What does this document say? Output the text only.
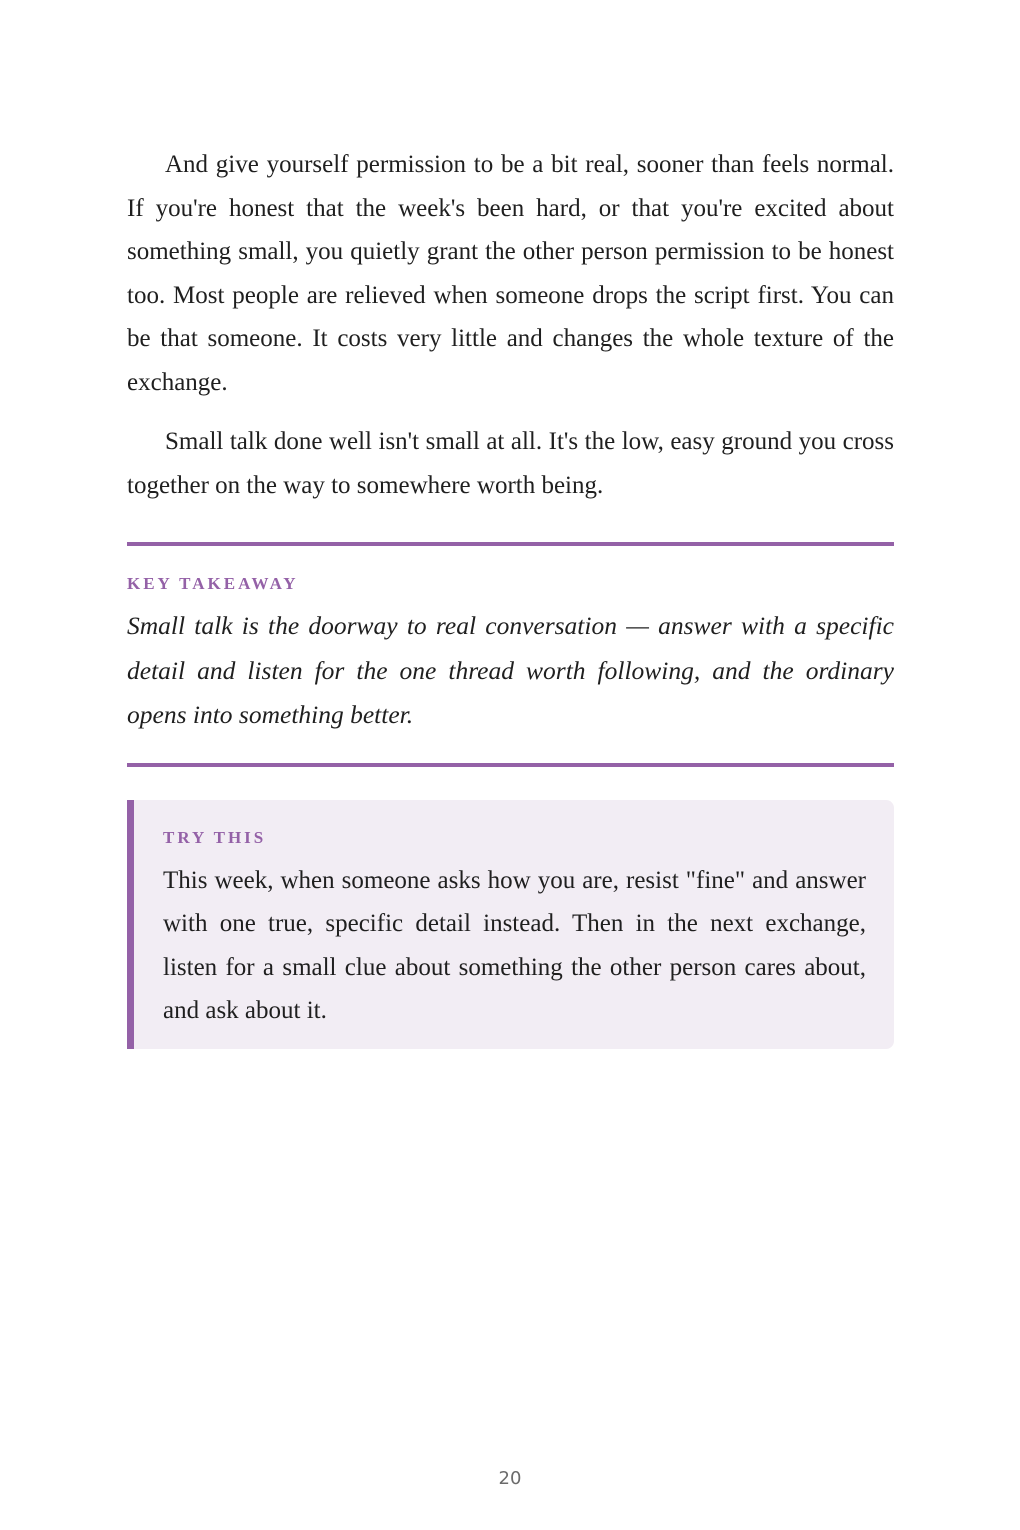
And give yourself permission to be a bit real, sooner than feels normal. If you're honest that the week's been hard, or that you're excited about something small, you quietly grant the other person permission to be honest too. Most people are relieved when someone drops the script first. You can be that someone. It costs very little and changes the whole texture of the exchange.

Small talk done well isn't small at all. It's the low, easy ground you cross together on the way to somewhere worth being.

KEY TAKEAWAY

Small talk is the doorway to real conversation — answer with a specific detail and listen for the one thread worth following, and the ordinary opens into something better.

TRY THIS

This week, when someone asks how you are, resist "fine" and answer with one true, specific detail instead. Then in the next exchange, listen for a small clue about something the other person cares about, and ask about it.

20
